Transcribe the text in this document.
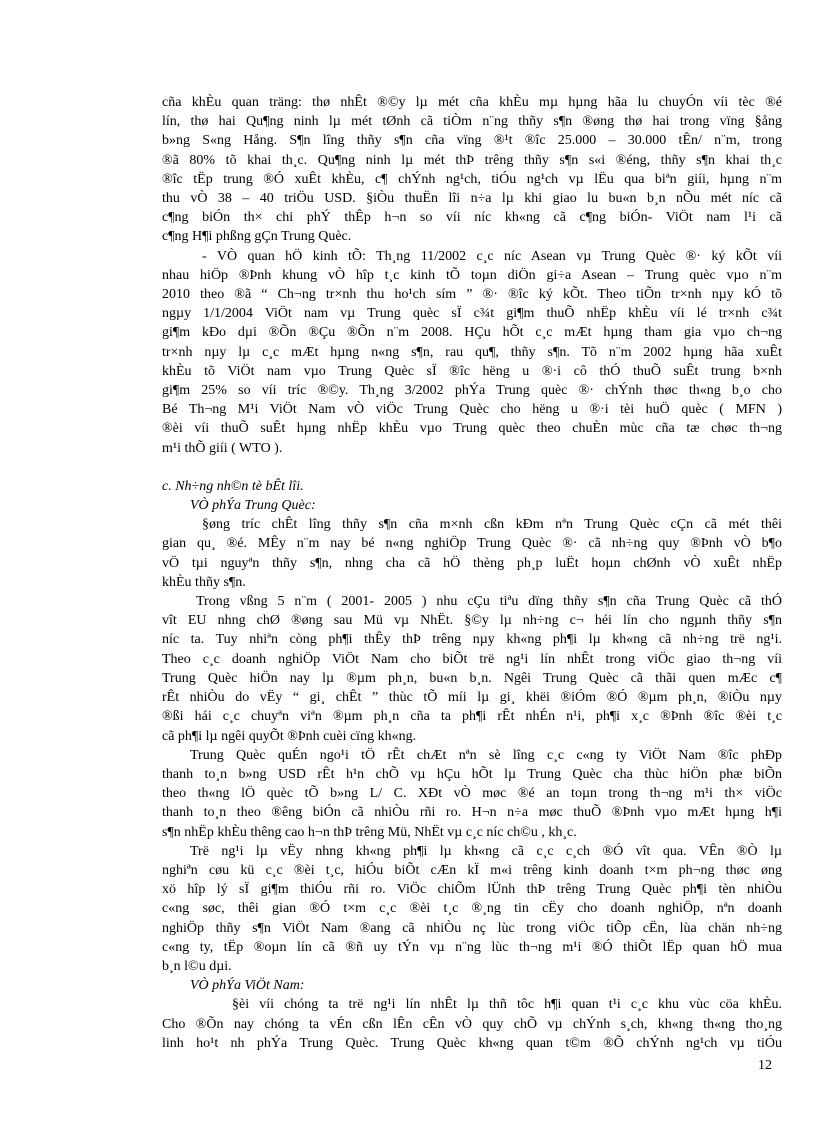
cña khÈu quan träng: thø nhÊt ®©y lµ mét cña khÈu mµ hµng hãa lu chuyÓn víi tèc ®é
lín, thø hai Qu¶ng ninh lµ mét tØnh cã tiÒm n¨ng thñy s¶n ®øng thø hai trong vïng §ång
b»ng S«ng Hång. S¶n lîng thñy s¶n cña vïng ®¹t ®îc 25.000 – 30.000 tÊn/ n¨m, trong
®ã 80% tõ khai th¸c. Qu¶ng ninh lµ mét thÞ trêng thñy s¶n s«i ®éng, thñy s¶n khai th¸c
®îc tËp trung ®Ó xuÊt khÈu, c¶ chÝnh ng¹ch, tiÓu ng¹ch vµ lËu qua biªn giíi, hµng n¨m
thu vÒ 38 – 40 triÖu USD. §iÒu thuËn lîi n÷a lµ khi giao lu bu«n b¸n nÕu mét níc cã
c¶ng biÓn th× chi phÝ thÊp h¬n so víi níc kh«ng cã c¶ng biÓn- ViÖt nam l¹i cã
c¶ng H¶i phßng gÇn Trung Quèc.
- VÒ quan hÖ kinh tÕ: Th¸ng 11/2002 c¸c níc Asean vµ Trung Quèc ®· ký kÕt víi
nhau hiÖp ®Þnh khung vÒ hîp t¸c kinh tÕ toµn diÖn gi÷a Asean – Trung quèc vµo n¨m
2010 theo ®ã “ Ch¬ng tr×nh thu ho¹ch sím ” ®· ®îc ký kÕt. Theo tiÕn tr×nh nµy kÓ tõ
ngµy 1/1/2004 ViÖt nam vµ Trung quèc sÏ c¾t gi¶m thuÕ nhËp khÈu víi lé tr×nh c¾t
gi¶m kÐo dµi ®Õn ®Çu ®Õn n¨m 2008. HÇu hÕt c¸c mÆt hµng tham gia vµo ch¬ng
tr×nh nµy lµ c¸c mÆt hµng n«ng s¶n, rau qu¶, thñy s¶n. Tõ n¨m 2002 hµng hãa xuÊt
khÈu tõ ViÖt nam vµo Trung Quèc sÏ ®îc hëng u ®·i cô thÓ thuÕ suÊt trung b×nh
gi¶m 25% so víi tríc ®©y. Th¸ng 3/2002 phÝa Trung quèc ®· chÝnh thøc th«ng b¸o cho
Bé Th¬ng M¹i ViÖt Nam vÒ viÖc Trung Quèc cho hëng u ®·i tèi huÖ quèc ( MFN )
®èi víi thuÕ suÊt hµng nhËp khÈu vµo Trung quèc theo chuÈn mùc cña tæ chøc th¬ng
m¹i thÕ giíi ( WTO ).
c. Nh÷ng nh©n tè bÊt lîi.
VÒ phÝa Trung Quèc:
§øng tríc chÊt lîng thñy s¶n cña m×nh cßn kÐm nªn Trung Quèc cÇn cã mét thêi
gian qu¸ ®é. MÊy n¨m nay bé n«ng nghiÖp Trung Quèc ®· cã nh÷ng quy ®Þnh vÒ b¶o
vÖ tµi nguyªn thñy s¶n, nhng cha cã hÖ thèng ph¸p luËt hoµn chØnh vÒ xuÊt nhËp
khÈu thñy s¶n.
Trong vßng 5 n¨m ( 2001- 2005 ) nhu cÇu tiªu dïng thñy s¶n cña Trung Quèc cã thÓ
vît EU nhng chØ ®øng sau Mü vµ NhËt. §©y lµ nh÷ng c¬ héi lín cho ngµnh thñy s¶n
níc ta. Tuy nhiªn còng ph¶i thÊy thÞ trêng nµy kh«ng ph¶i lµ kh«ng cã nh÷ng trë ng¹i.
Theo c¸c doanh nghiÖp ViÖt Nam cho biÕt trë ng¹i lín nhÊt trong viÖc giao th¬ng víi
Trung Quèc hiÖn nay lµ ®µm ph¸n, bu«n b¸n. Ngêi Trung Quèc cã thãi quen mÆc c¶
rÊt nhiÒu do vËy “ gi¸ chÊt ” thùc tÕ míi lµ gi¸ khëi ®iÓm ®Ó ®µm ph¸n, ®iÒu nµy
®ßi hái c¸c chuyªn viªn ®µm ph¸n cña ta ph¶i rÊt nhÉn n¹i, ph¶i x¸c ®Þnh ®îc ®èi t¸c
cã ph¶i lµ ngêi quyÕt ®Þnh cuèi cïng kh«ng.
Trung Quèc quÉn ngo¹i tÖ rÊt chÆt nªn sè lîng c¸c c«ng ty ViÖt Nam ®îc phÐp
thanh to¸n b»ng USD rÊt h¹n chÕ vµ hÇu hÕt lµ Trung Quèc cha thùc hiÖn phæ biÕn
theo th«ng lÖ quèc tÕ b»ng L/ C. XÐt vÒ møc ®é an toµn trong th¬ng m¹i th× viÖc
thanh to¸n theo ®êng biÓn cã nhiÒu rñi ro. H¬n n÷a møc thuÕ ®Þnh vµo mÆt hµng h¶i
s¶n nhËp khÈu thêng cao h¬n thÞ trêng Mü, NhËt vµ c¸c níc ch©u , kh¸c.
Trë ng¹i lµ vËy nhng kh«ng ph¶i lµ kh«ng cã c¸c c¸ch ®Ó vît qua. VÊn ®Ò lµ
nghiªn cøu kü c¸c ®èi t¸c, hiÓu biÕt cÆn kÏ m«i trêng kinh doanh t×m ph¬ng thøc øng
xö hîp lý sÏ gi¶m thiÓu rñi ro. ViÖc chiÕm lÜnh thÞ trêng Trung Quèc ph¶i tèn nhiÒu
c«ng søc, thêi gian ®Ó t×m c¸c ®èi t¸c ®¸ng tin cËy cho doanh nghiÖp, nªn doanh
nghiÖp thñy s¶n ViÖt Nam ®ang cã nhiÒu nç lùc trong viÖc tiÕp cËn, lùa chän nh÷ng
c«ng ty, tËp ®oµn lín cã ®ñ uy tÝn vµ n¨ng lùc th¬ng m¹i ®Ó thiÕt lËp quan hÖ mua
b¸n l©u dµi.
VÒ phÝa ViÖt Nam:
§èi víi chóng ta trë ng¹i lín nhÊt lµ thñ tôc h¶i quan t¹i c¸c khu vùc cöa khÈu.
Cho ®Õn nay chóng ta vÉn cßn lÊn cÊn vÒ quy chÕ vµ chÝnh s¸ch, kh«ng th«ng tho¸ng
linh ho¹t nh phÝa Trung Quèc. Trung Quèc kh«ng quan t©m ®Õ chÝnh ng¹ch vµ tiÓu
12
